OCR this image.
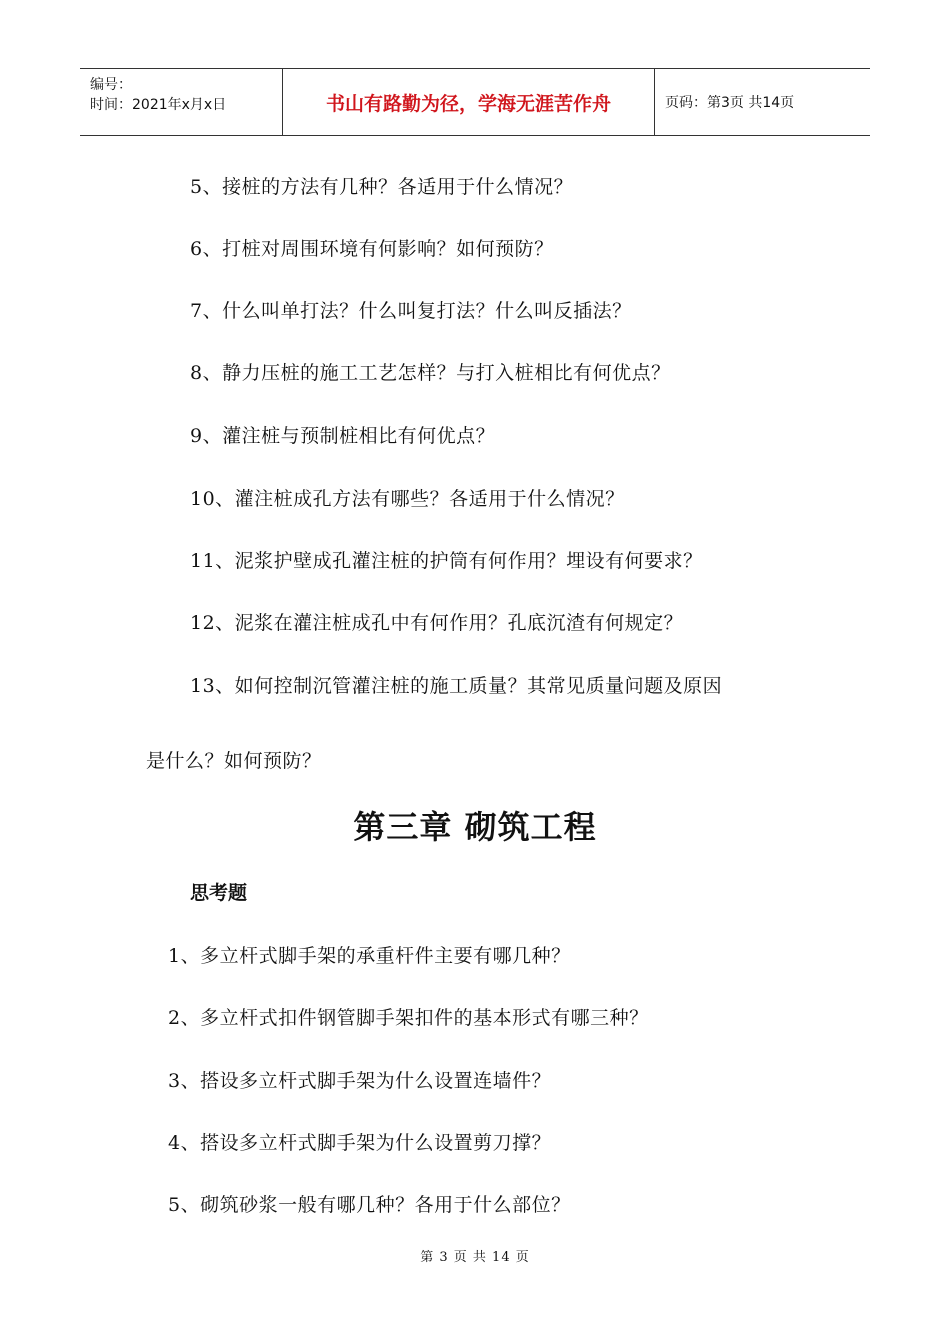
编号：
时间：2021年x月x日	书山有路勤为径，学海无涯苦作舟	页码：第3页 共14页
5、接桩的方法有几种？各适用于什么情况？
6、打桩对周围环境有何影响？如何预防？
7、什么叫单打法？什么叫复打法？什么叫反插法？
8、静力压桩的施工工艺怎样？与打入桩相比有何优点？
9、灌注桩与预制桩相比有何优点？
10、灌注桩成孔方法有哪些？各适用于什么情况？
11、泥浆护壁成孔灌注桩的护筒有何作用？埋设有何要求？
12、泥浆在灌注桩成孔中有何作用？孔底沉渣有何规定？
13、如何控制沉管灌注桩的施工质量？其常见质量问题及原因
是什么？如何预防？
第三章 砌筑工程
思考题
1、多立杆式脚手架的承重杆件主要有哪几种？
2、多立杆式扣件钢管脚手架扣件的基本形式有哪三种？
3、搭设多立杆式脚手架为什么设置连墙件？
4、搭设多立杆式脚手架为什么设置剪刀撑？
5、砌筑砂浆一般有哪几种？各用于什么部位？
第 3 页 共 14 页
